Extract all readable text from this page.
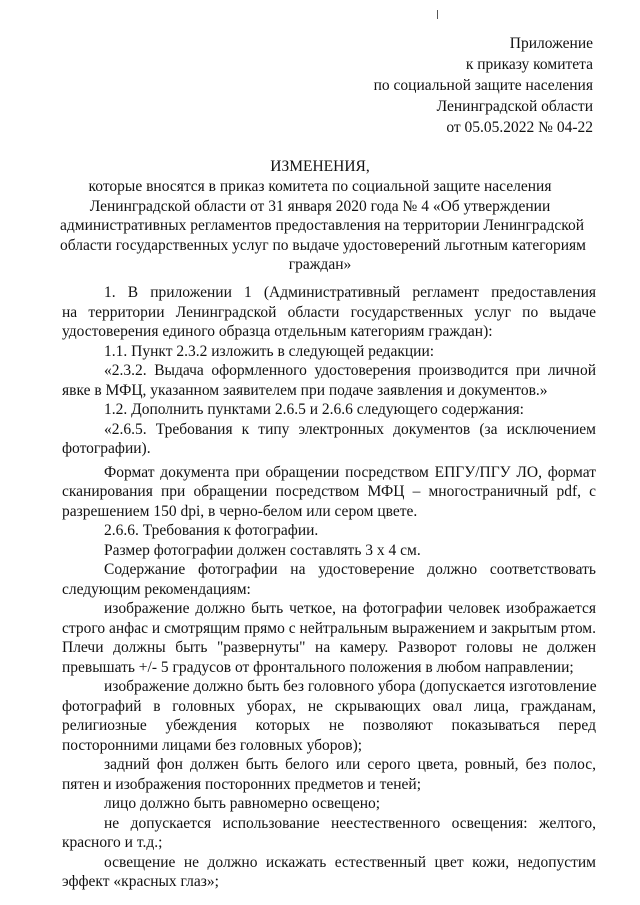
Приложение
к приказу комитета
по социальной защите населения
Ленинградской области
от 05.05.2022 № 04-22
ИЗМЕНЕНИЯ,
которые вносятся в приказ комитета по социальной защите населения
Ленинградской области от 31 января 2020 года № 4 «Об утверждении
административных регламентов предоставления на территории Ленинградской
области государственных услуг по выдаче удостоверений льготным категориям
граждан»
1. В приложении 1 (Административный регламент предоставления
на территории Ленинградской области государственных услуг по выдаче
удостоверения единого образца отдельным категориям граждан):
1.1. Пункт 2.3.2 изложить в следующей редакции:
«2.3.2. Выдача оформленного удостоверения производится при личной
явке в МФЦ, указанном заявителем при подаче заявления и документов.»
1.2. Дополнить пунктами 2.6.5 и 2.6.6 следующего содержания:
«2.6.5. Требования к типу электронных документов (за исключением
фотографии).
Формат документа при обращении посредством ЕПГУ/ПГУ ЛО, формат
сканирования при обращении посредством МФЦ – многостраничный pdf, с
разрешением 150 dpi, в черно-белом или сером цвете.
2.6.6. Требования к фотографии.
Размер фотографии должен составлять 3 х 4 см.
Содержание фотографии на удостоверение должно соответствовать
следующим рекомендациям:
изображение должно быть четкое, на фотографии человек изображается
строго анфас и смотрящим прямо с нейтральным выражением и закрытым ртом.
Плечи должны быть "развернуты" на камеру. Разворот головы не должен
превышать +/- 5 градусов от фронтального положения в любом направлении;
изображение должно быть без головного убора (допускается изготовление
фотографий в головных уборах, не скрывающих овал лица, гражданам,
религиозные убеждения которых не позволяют показываться перед
посторонними лицами без головных уборов);
задний фон должен быть белого или серого цвета, ровный, без полос,
пятен и изображения посторонних предметов и теней;
лицо должно быть равномерно освещено;
не допускается использование неестественного освещения: желтого,
красного и т.д.;
освещение не должно искажать естественный цвет кожи, недопустим
эффект «красных глаз»;
